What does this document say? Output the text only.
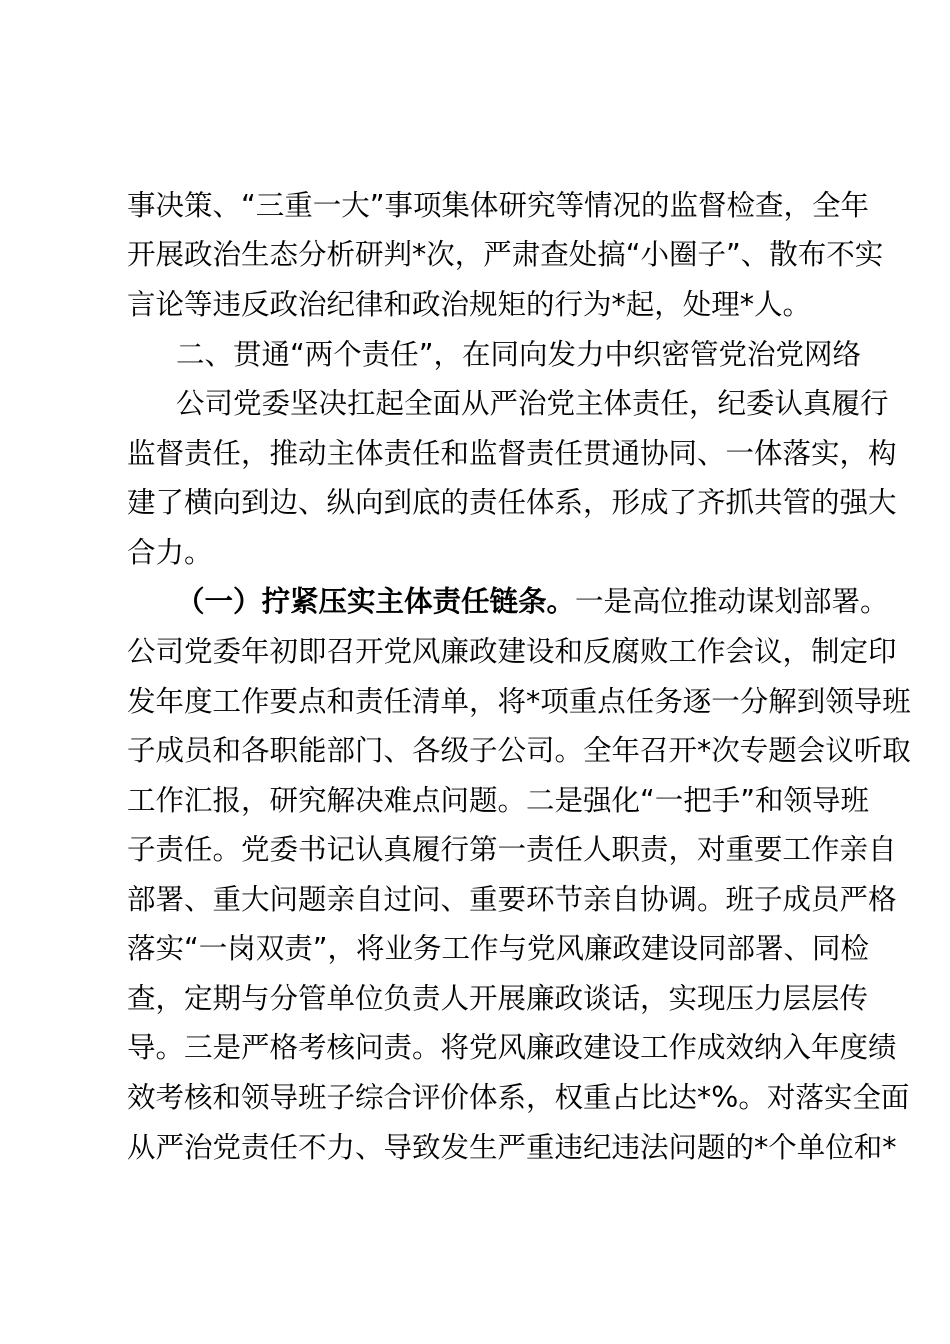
事决策、“三重一大”事项集体研究等情况的监督检查，全年
开展政治生态分析研判*次，严肃查处搞“小圈子”、散布不实
言论等违反政治纪律和政治规矩的行为*起，处理*人。
二、贯通“两个责任”，在同向发力中织密管党治党网络
公司党委坚决扛起全面从严治党主体责任，纪委认真履行
监督责任，推动主体责任和监督责任贯通协同、一体落实，构
建了横向到边、纵向到底的责任体系，形成了齐抓共管的强大
合力。
（一）拧紧压实主体责任链条。一是高位推动谋划部署。
公司党委年初即召开党风廉政建设和反腐败工作会议，制定印
发年度工作要点和责任清单，将*项重点任务逐一分解到领导班
子成员和各职能部门、各级子公司。全年召开*次专题会议听取
工作汇报，研究解决难点问题。二是强化“一把手”和领导班
子责任。党委书记认真履行第一责任人职责，对重要工作亲自
部署、重大问题亲自过问、重要环节亲自协调。班子成员严格
落实“一岗双责”，将业务工作与党风廉政建设同部署、同检
查，定期与分管单位负责人开展廉政谈话，实现压力层层传
导。三是严格考核问责。将党风廉政建设工作成效纳入年度绩
效考核和领导班子综合评价体系，权重占比达*%。对落实全面
从严治党责任不力、导致发生严重违纪违法问题的*个单位和*
